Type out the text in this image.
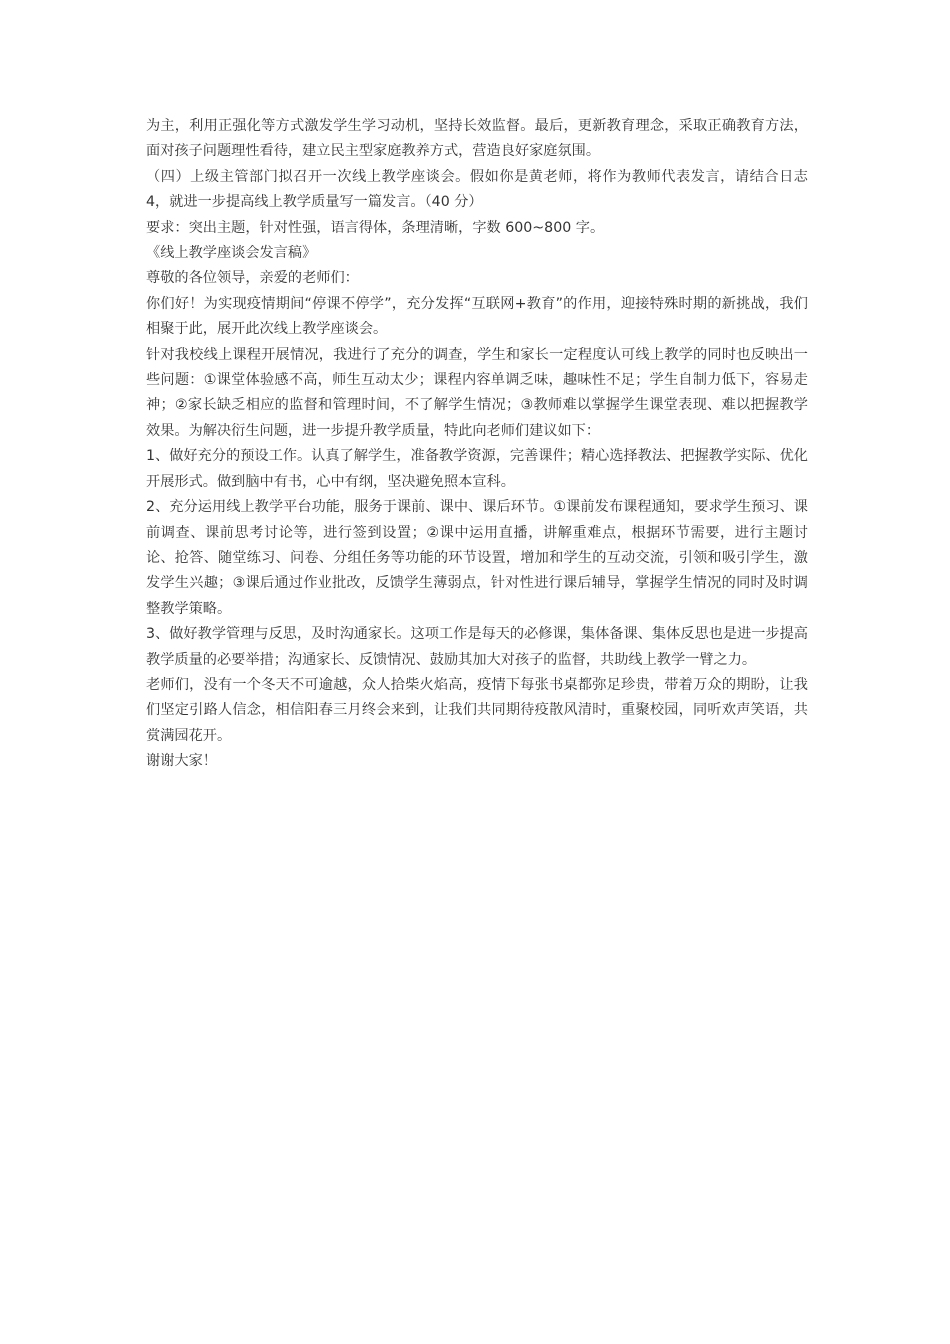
为主，利用正强化等方式激发学生学习动机，坚持长效监督。最后，更新教育理念，采取正确教育方法，面对孩子问题理性看待，建立民主型家庭教养方式，营造良好家庭氛围。

（四）上级主管部门拟召开一次线上教学座谈会。假如你是黄老师，将作为教师代表发言，请结合日志 4，就进一步提高线上教学质量写一篇发言。（40 分）

要求：突出主题，针对性强，语言得体，条理清晰，字数 600~800 字。

《线上教学座谈会发言稿》

尊敬的各位领导，亲爱的老师们：

你们好！为实现疫情期间“停课不停学”，充分发挥“互联网+教育”的作用，迎接特殊时期的新挑战，我们相聚于此，展开此次线上教学座谈会。

针对我校线上课程开展情况，我进行了充分的调查，学生和家长一定程度认可线上教学的同时也反映出一些问题：①课堂体验感不高，师生互动太少；课程内容单调乏味，趣味性不足；学生自制力低下，容易走神；②家长缺乏相应的监督和管理时间，不了解学生情况；③教师难以掌握学生课堂表现、难以把握教学效果。为解决衍生问题，进一步提升教学质量，特此向老师们建议如下：

1、做好充分的预设工作。认真了解学生，准备教学资源，完善课件；精心选择教法、把握教学实际、优化开展形式。做到脑中有书，心中有纲，坚决避免照本宣科。

2、充分运用线上教学平台功能，服务于课前、课中、课后环节。①课前发布课程通知，要求学生预习、课前调查、课前思考讨论等，进行签到设置；②课中运用直播，讲解重难点，根据环节需要，进行主题讨论、抢答、随堂练习、问卷、分组任务等功能的环节设置，增加和学生的互动交流，引领和吸引学生，激发学生兴趣；③课后通过作业批改，反馈学生薄弱点，针对性进行课后辅导，掌握学生情况的同时及时调整教学策略。

3、做好教学管理与反思，及时沟通家长。这项工作是每天的必修课，集体备课、集体反思也是进一步提高教学质量的必要举措；沟通家长、反馈情况、鼓励其加大对孩子的监督，共助线上教学一臂之力。

老师们，没有一个冬天不可逾越，众人拾柴火焰高，疫情下每张书桌都弥足珍贵，带着万众的期盼，让我们坚定引路人信念，相信阳春三月终会来到，让我们共同期待疫散风清时，重聚校园，同听欢声笑语，共赏满园花开。

谢谢大家！
